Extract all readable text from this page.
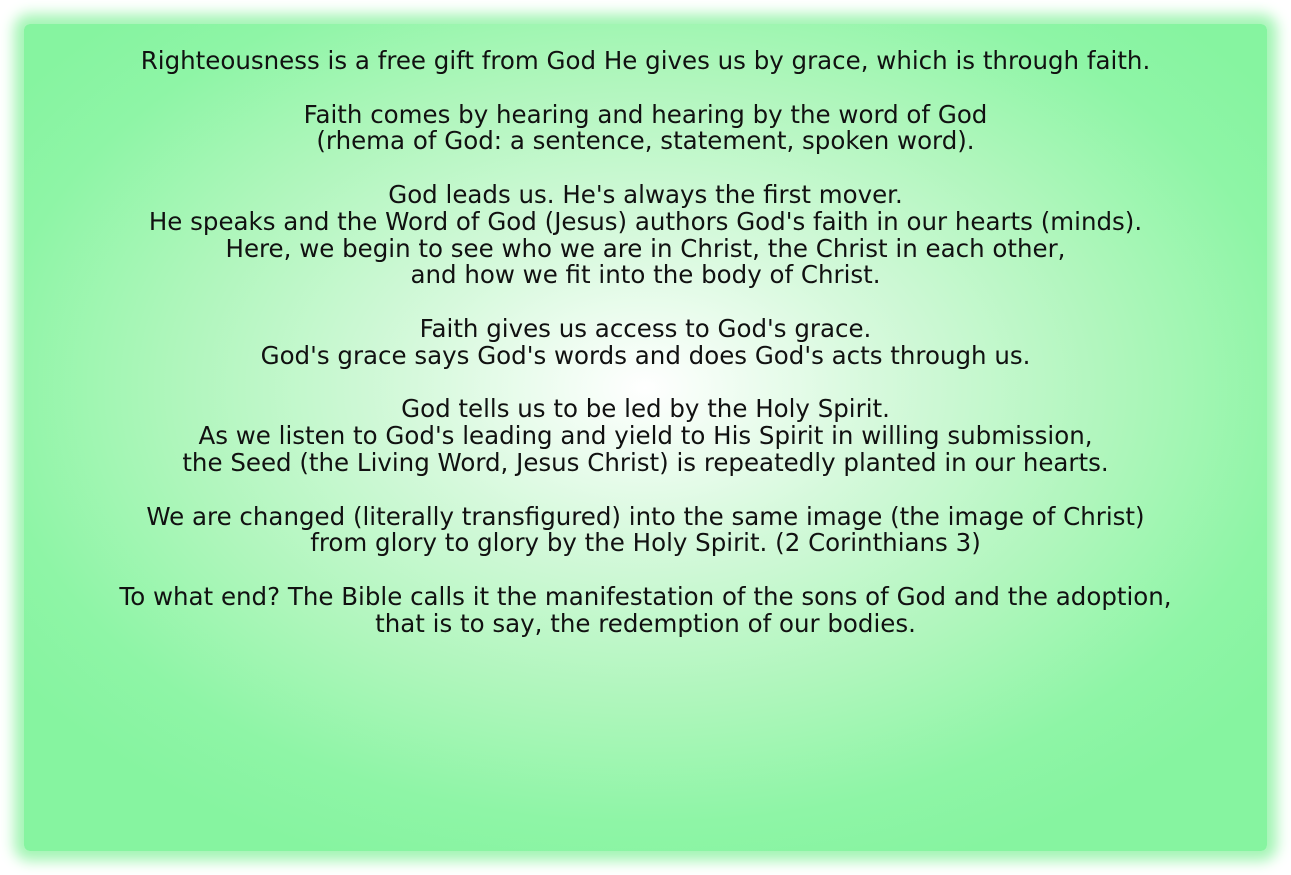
Righteousness is a free gift from God He gives us by grace, which is through faith.
Faith comes by hearing and hearing by the word of God
(rhema of God: a sentence, statement, spoken word).
God leads us. He's always the first mover.
He speaks and the Word of God (Jesus) authors God's faith in our hearts (minds).
Here, we begin to see who we are in Christ, the Christ in each other,
and how we fit into the body of Christ.
Faith gives us access to God's grace.
God's grace says God's words and does God's acts through us.
God tells us to be led by the Holy Spirit.
As we listen to God's leading and yield to His Spirit in willing submission,
the Seed (the Living Word, Jesus Christ) is repeatedly planted in our hearts.
We are changed (literally transfigured) into the same image (the image of Christ)
from glory to glory by the Holy Spirit. (2 Corinthians 3)
To what end? The Bible calls it the manifestation of the sons of God and the adoption,
that is to say, the redemption of our bodies.
